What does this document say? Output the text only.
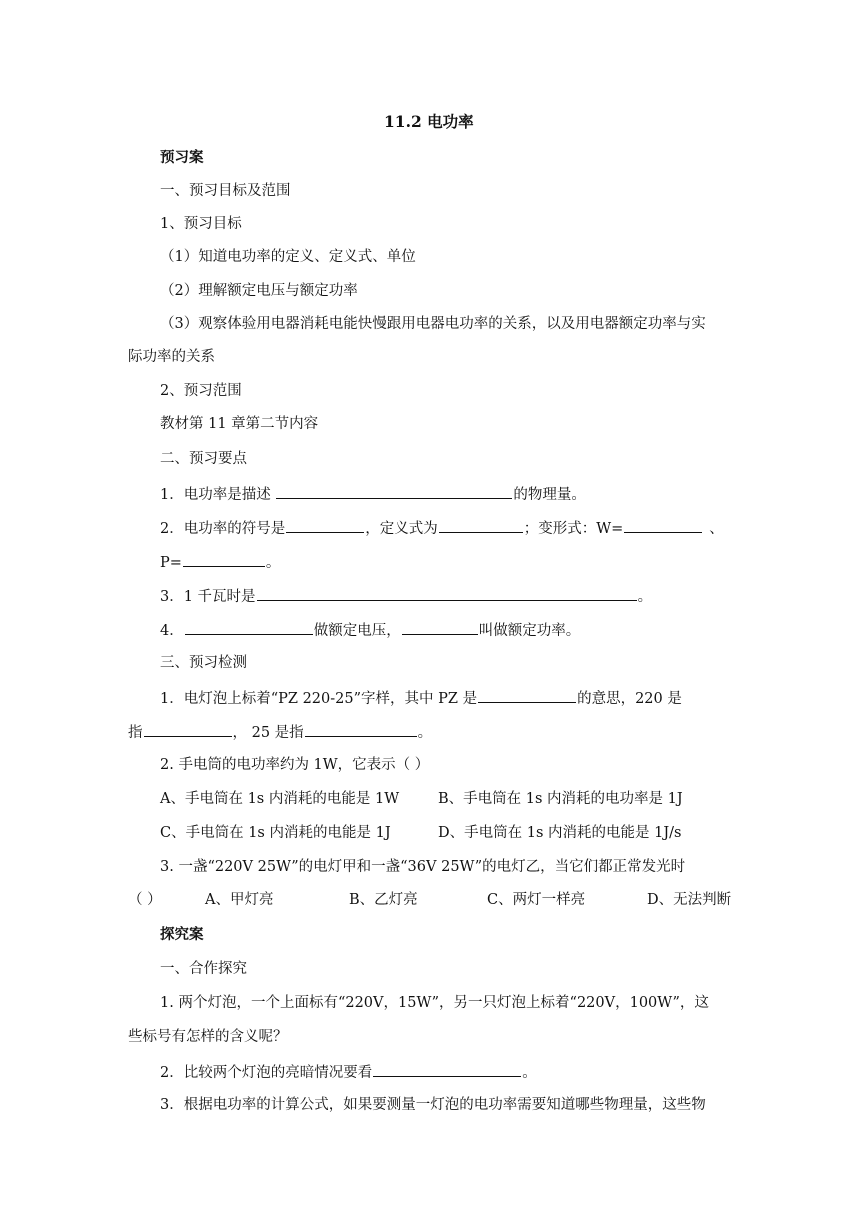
11.2 电功率
预习案
一、预习目标及范围
1、预习目标
（1）知道电功率的定义、定义式、单位
（2）理解额定电压与额定功率
（3）观察体验用电器消耗电能快慢跟用电器电功率的关系，以及用电器额定功率与实
际功率的关系
2、预习范围
教材第 11 章第二节内容
二、预习要点
1．电功率是描述	的物理量。
2．电功率的符号是	，定义式为	；变形式：W=	、
P=	。
3．1 千瓦时是	。
4．	做额定电压，	叫做额定功率。
三、预习检测
1．电灯泡上标着“PZ 220-25”字样，其中 PZ 是	的意思，220 是
指	， 25 是指	。
2. 手电筒的电功率约为 1W，它表示（ ）
A、手电筒在 1s 内消耗的电能是 1W	B、手电筒在 1s 内消耗的电功率是 1J
C、手电筒在 1s 内消耗的电能是 1J	D、手电筒在 1s 内消耗的电能是 1J/s
3. 一盏“220V 25W”的电灯甲和一盏“36V 25W”的电灯乙，当它们都正常发光时
（ ）	A、甲灯亮	B、乙灯亮	C、两灯一样亮	D、无法判断
探究案
一、合作探究
1. 两个灯泡，一个上面标有“220V，15W”，另一只灯泡上标着“220V，100W”，这
些标号有怎样的含义呢？
2．比较两个灯泡的亮暗情况要看	。
3．根据电功率的计算公式，如果要测量一灯泡的电功率需要知道哪些物理量，这些物
